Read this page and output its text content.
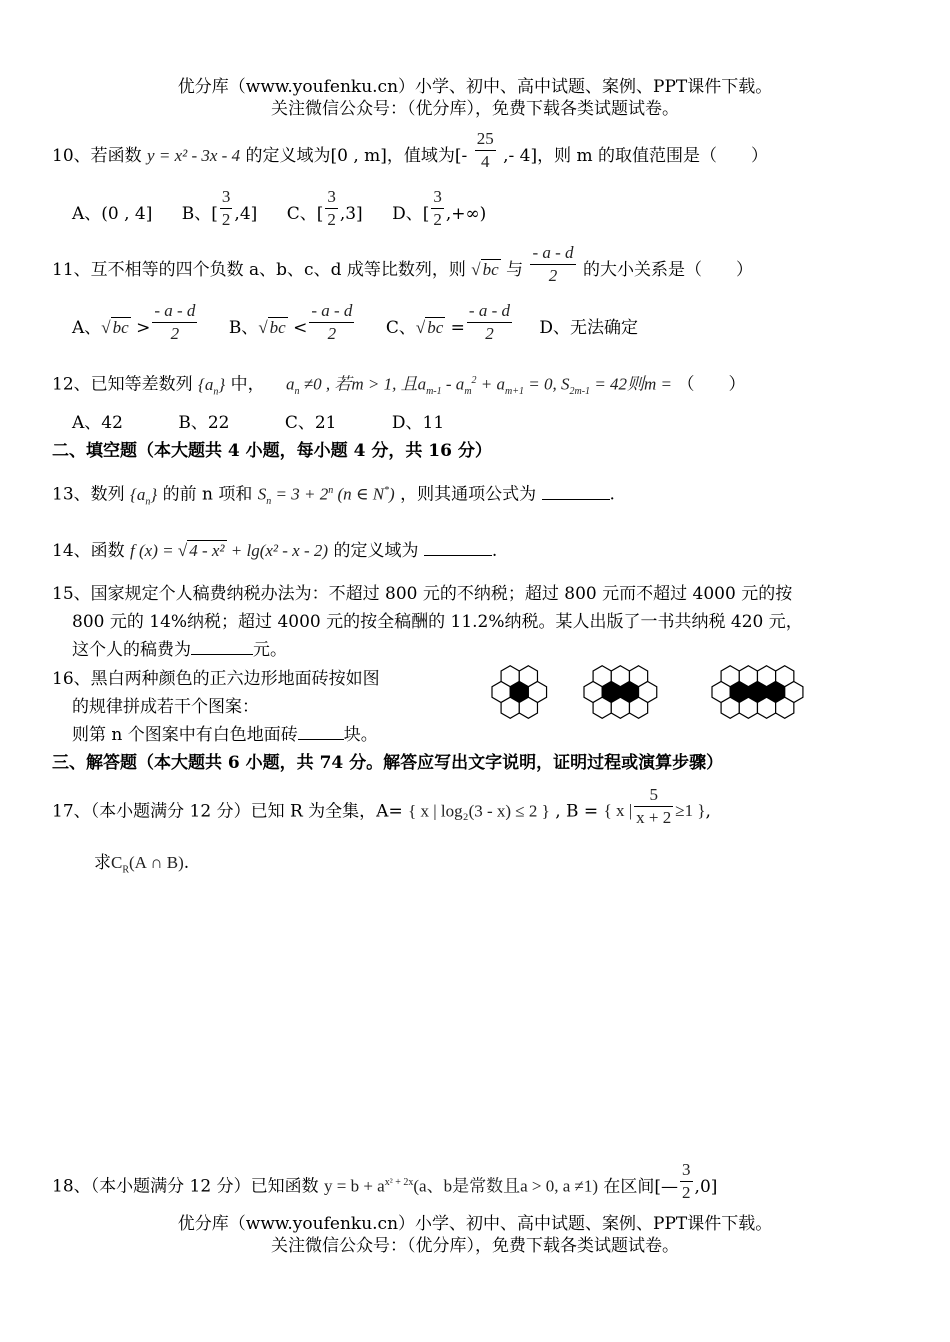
优分库（www.youfenku.cn）小学、初中、高中试题、案例、PPT课件下载。
关注微信公众号：（优分库），免费下载各类试题试卷。
10、若函数 y = x² - 3x - 4 的定义域为[0 , m]，值域为[- $\frac{25}{4}$ ,- 4]，则 m 的取值范围是（　　）
A、(0 , 4] B、[ $\frac{3}{2} ,4$] C、[ $\frac{3}{2} ,3$] D、[ $\frac{3}{2}$ ,+∞)
11、互不相等的四个负数 a、b、c、d 成等比数列，则 √ bc 与 $\frac{- a - d}{2}$ 的大小关系是（　　）
A、√ bc > $\frac{- a - d}{2}$ B、√ bc < $\frac{- a - d}{2}$ C、√ bc = $\frac{- a - d}{2}$ D、无法确定
12、已知等差数列 $\{a_n\}$ 中， $a_n \ne 0$ , 若m > 1, 且$a_{m-1} - a_m^2 + a_{m+1} = 0$, $S_{2m-1} = 42$则m = （　　）
A、42	B、22	C、21	D、11
二、填空题（本大题共 4 小题，每小题 4 分，共 16 分）
13、数列 $\{a_n\}$ 的前 n 项和 $S_n = 3 + 2^n$ (n ∈ N*) ，则其通项公式为	.
14、函数 f (x) = √ 4 - x² + lg(x² - x - 2) 的定义域为	.
15、国家规定个人稿费纳税办法为：不超过 800 元的不纳税；超过 800 元而不超过 4000 元的按
800 元的 14%纳税；超过 4000 元的按全稿酬的 11.2%纳税。某人出版了一书共纳税 420 元，
这个人的稿费为	元。
16、黑白两种颜色的正六边形地面砖按如图
的规律拼成若干个图案：
则第 n 个图案中有白色地面砖	块。
三、解答题（本大题共 6 小题，共 74 分。解答应写出文字说明，证明过程或演算步骤）
17、（本小题满分 12 分）已知 R 为全集，A= { x | log₂(3 - x) ≤ 2 } , B = { x | $\frac{5}{x + 2} \ge 1$ },
求$C_R(A$ ∩ B).
18、（本小题满分 12 分）已知函数 $y = b + a^{x^2 + 2x}(a$、b是常数且a > 0, a ≠1) 在区间[— $\frac{3}{2} ,0$]
优分库（www.youfenku.cn）小学、初中、高中试题、案例、PPT课件下载。
关注微信公众号：（优分库），免费下载各类试题试卷。
